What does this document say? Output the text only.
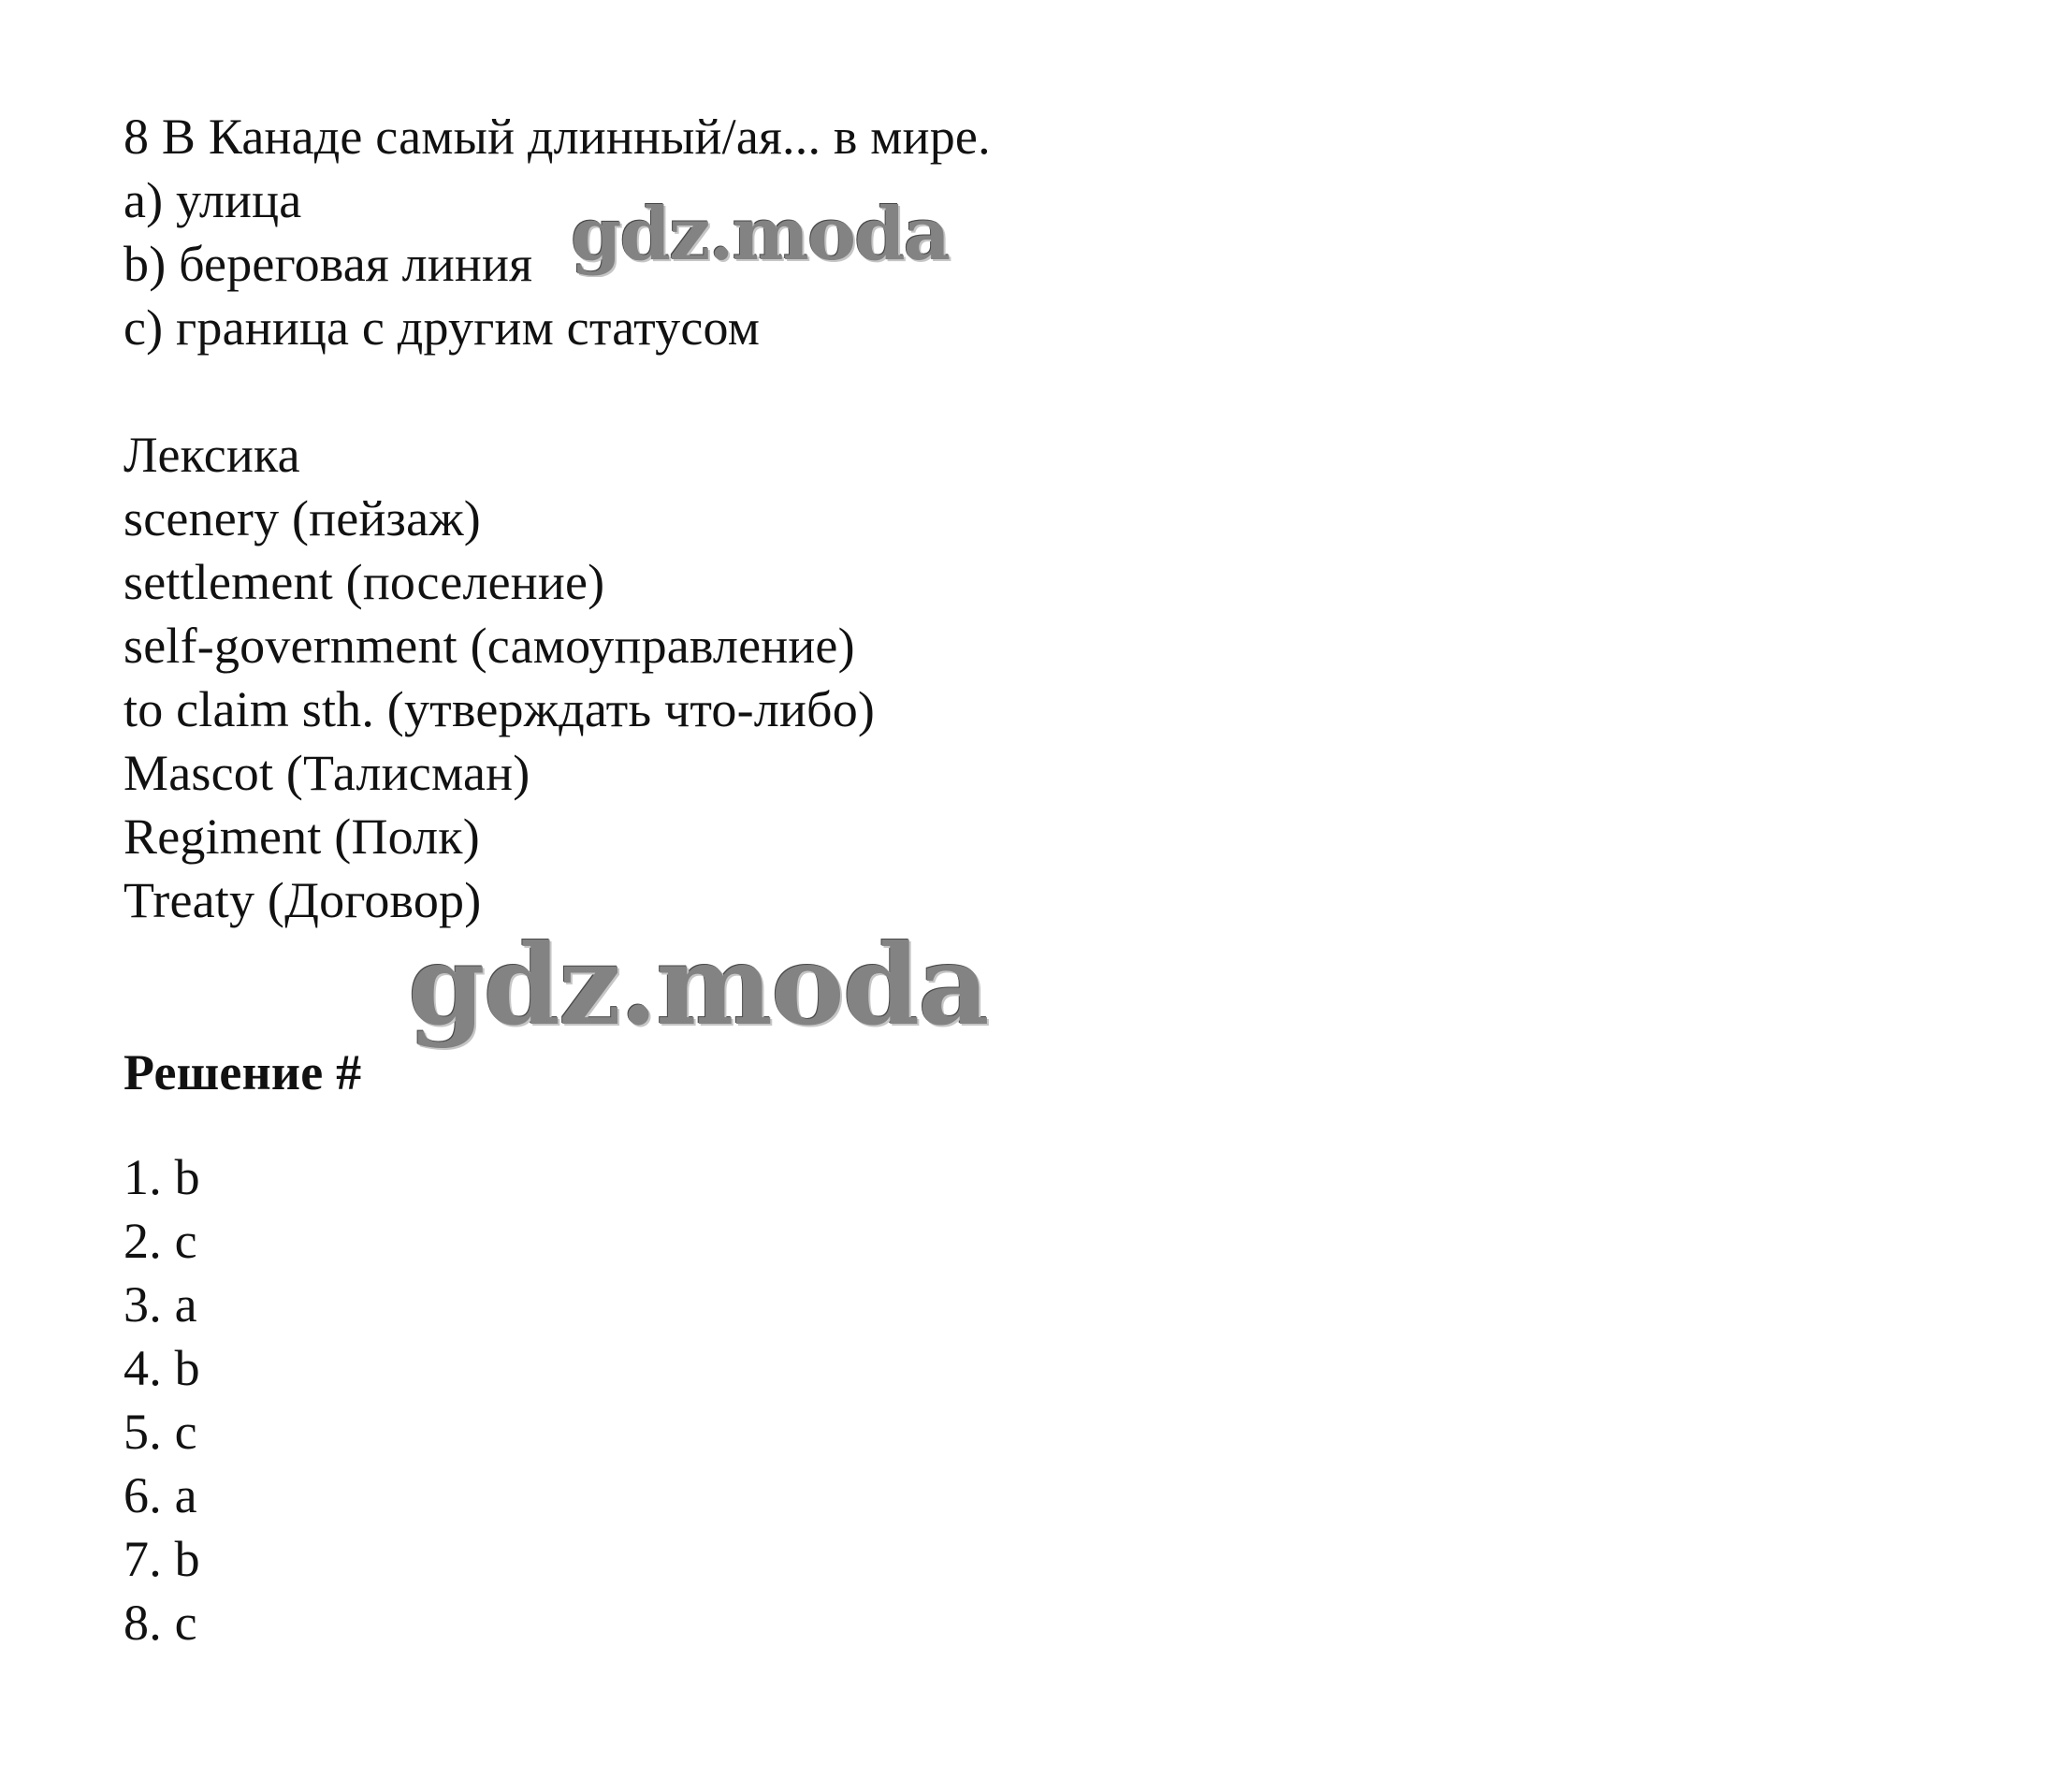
8 В Канаде самый длинный/ая... в мире.
a) улица
b) береговая линия
c) граница с другим статусом
Лексика
scenery (пейзаж)
settlement (поселение)
self-government (самоуправление)
to claim sth. (утверждать что-либо)
Mascot (Талисман)
Regiment (Полк)
Treaty (Договор)
Решение #
1. b
2. c
3. a
4. b
5. c
6. a
7. b
8. c
gdz.moda
gdz.moda
